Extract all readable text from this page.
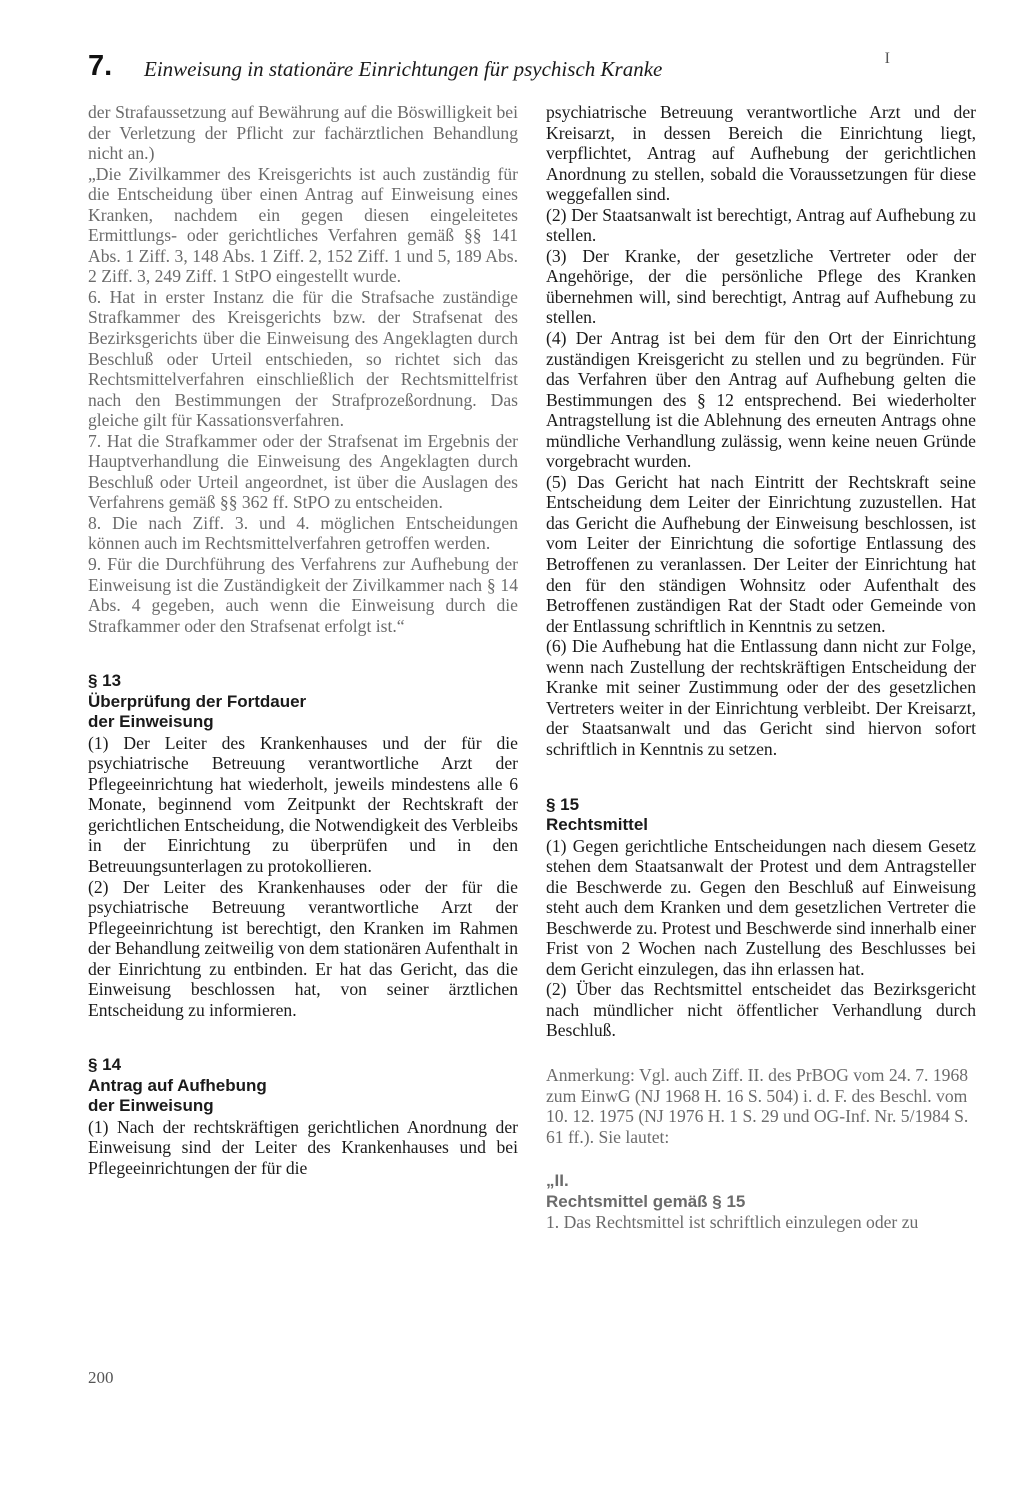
7. Einweisung in stationäre Einrichtungen für psychisch Kranke	I

der Strafaussetzung auf Bewährung auf die Böswilligkeit bei der Verletzung der Pflicht zur fachärztlichen Behandlung nicht an.)

„Die Zivilkammer des Kreisgerichts ist auch zuständig für die Entscheidung über einen Antrag auf Einweisung eines Kranken, nachdem ein gegen diesen eingeleitetes Ermittlungs- oder gerichtliches Verfahren gemäß §§ 141 Abs. 1 Ziff. 3, 148 Abs. 1 Ziff. 2, 152 Ziff. 1 und 5, 189 Abs. 2 Ziff. 3, 249 Ziff. 1 StPO eingestellt wurde.

6. Hat in erster Instanz die für die Strafsache zuständige Strafkammer des Kreisgerichts bzw. der Strafsenat des Bezirksgerichts über die Einweisung des Angeklagten durch Beschluß oder Urteil entschieden, so richtet sich das Rechtsmittelverfahren einschließlich der Rechtsmittelfrist nach den Bestimmungen der Strafprozeßordnung. Das gleiche gilt für Kassationsverfahren.

7. Hat die Strafkammer oder der Strafsenat im Ergebnis der Hauptverhandlung die Einweisung des Angeklagten durch Beschluß oder Urteil angeordnet, ist über die Auslagen des Verfahrens gemäß §§ 362 ff. StPO zu entscheiden.

8. Die nach Ziff. 3. und 4. möglichen Entscheidungen können auch im Rechtsmittelverfahren getroffen werden.

9. Für die Durchführung des Verfahrens zur Aufhebung der Einweisung ist die Zuständigkeit der Zivilkammer nach § 14 Abs. 4 gegeben, auch wenn die Einweisung durch die Strafkammer oder den Strafsenat erfolgt ist.“

§ 13

Überprüfung der Fortdauer

der Einweisung

(1) Der Leiter des Krankenhauses und der für die psychiatrische Betreuung verantwortliche Arzt der Pflegeeinrichtung hat wiederholt, jeweils mindestens alle 6 Monate, beginnend vom Zeitpunkt der Rechtskraft der gerichtlichen Entscheidung, die Notwendigkeit des Verbleibs in der Einrichtung zu überprüfen und in den Betreuungsunterlagen zu protokollieren.

(2) Der Leiter des Krankenhauses oder der für die psychiatrische Betreuung verantwortliche Arzt der Pflegeeinrichtung ist berechtigt, den Kranken im Rahmen der Behandlung zeitweilig von dem stationären Aufenthalt in der Einrichtung zu entbinden. Er hat das Gericht, das die Einweisung beschlossen hat, von seiner ärztlichen Entscheidung zu informieren.

§ 14

Antrag auf Aufhebung

der Einweisung

(1) Nach der rechtskräftigen gerichtlichen Anordnung der Einweisung sind der Leiter des Krankenhauses und bei Pflegeeinrichtungen der für die

psychiatrische Betreuung verantwortliche Arzt und der Kreisarzt, in dessen Bereich die Einrichtung liegt, verpflichtet, Antrag auf Aufhebung der gerichtlichen Anordnung zu stellen, sobald die Voraussetzungen für diese weggefallen sind.

(2) Der Staatsanwalt ist berechtigt, Antrag auf Aufhebung zu stellen.

(3) Der Kranke, der gesetzliche Vertreter oder der Angehörige, der die persönliche Pflege des Kranken übernehmen will, sind berechtigt, Antrag auf Aufhebung zu stellen.

(4) Der Antrag ist bei dem für den Ort der Einrichtung zuständigen Kreisgericht zu stellen und zu begründen. Für das Verfahren über den Antrag auf Aufhebung gelten die Bestimmungen des § 12 entsprechend. Bei wiederholter Antragstellung ist die Ablehnung des erneuten Antrags ohne mündliche Verhandlung zulässig, wenn keine neuen Gründe vorgebracht wurden.

(5) Das Gericht hat nach Eintritt der Rechtskraft seine Entscheidung dem Leiter der Einrichtung zuzustellen. Hat das Gericht die Aufhebung der Einweisung beschlossen, ist vom Leiter der Einrichtung die sofortige Entlassung des Betroffenen zu veranlassen. Der Leiter der Einrichtung hat den für den ständigen Wohnsitz oder Aufenthalt des Betroffenen zuständigen Rat der Stadt oder Gemeinde von der Entlassung schriftlich in Kenntnis zu setzen.

(6) Die Aufhebung hat die Entlassung dann nicht zur Folge, wenn nach Zustellung der rechtskräftigen Entscheidung der Kranke mit seiner Zustimmung oder der des gesetzlichen Vertreters weiter in der Einrichtung verbleibt. Der Kreisarzt, der Staatsanwalt und das Gericht sind hiervon sofort schriftlich in Kenntnis zu setzen.

§ 15

Rechtsmittel

(1) Gegen gerichtliche Entscheidungen nach diesem Gesetz stehen dem Staatsanwalt der Protest und dem Antragsteller die Beschwerde zu. Gegen den Beschluß auf Einweisung steht auch dem Kranken und dem gesetzlichen Vertreter die Beschwerde zu. Protest und Beschwerde sind innerhalb einer Frist von 2 Wochen nach Zustellung des Beschlusses bei dem Gericht einzulegen, das ihn erlassen hat.

(2) Über das Rechtsmittel entscheidet das Bezirksgericht nach mündlicher nicht öffentlicher Verhandlung durch Beschluß.

Anmerkung: Vgl. auch Ziff. II. des PrBOG vom 24. 7. 1968 zum EinwG (NJ 1968 H. 16 S. 504) i. d. F. des Beschl. vom 10. 12. 1975 (NJ 1976 H. 1 S. 29 und OG-Inf. Nr. 5/1984 S. 61 ff.). Sie lautet:

„II.

Rechtsmittel gemäß § 15

1. Das Rechtsmittel ist schriftlich einzulegen oder zu

200
